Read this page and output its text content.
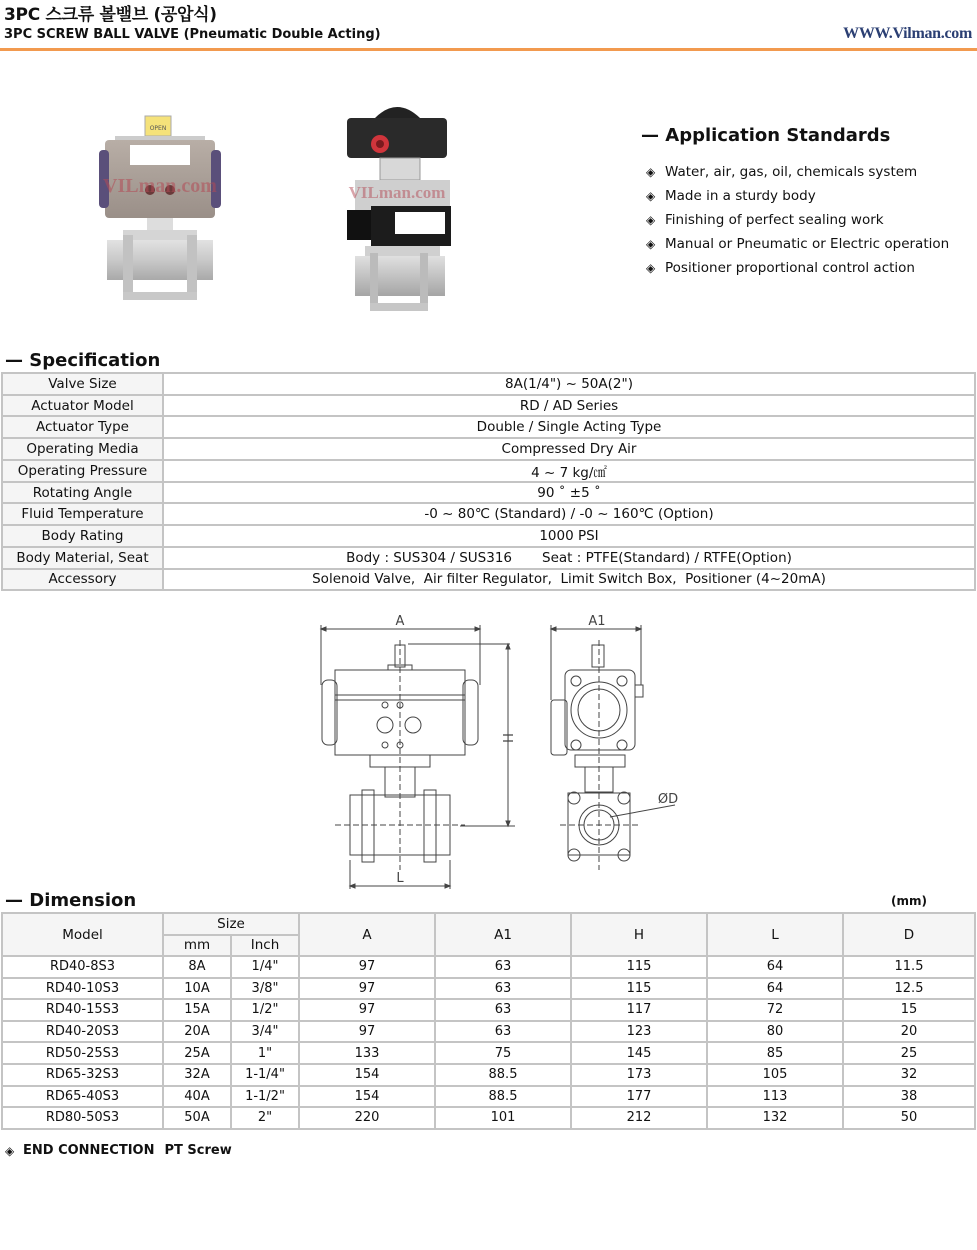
3PC 스크류 볼밸브 (공압식)
3PC SCREW BALL VALVE (Pneumatic Double Acting)	WWW.Vilman.com
OPEN
VILman.com	VILman.com
— Application Standards
◈ Water, air, gas, oil, chemicals system
◈ Made in a sturdy body
◈ Finishing of perfect sealing work
◈ Manual or Pneumatic or Electric operation
◈ Positioner proportional control action
— Specification
Valve Size	8A(1/4") ~ 50A(2")
Actuator Model	RD / AD Series
Actuator Type	Double / Single Acting Type
Operating Media	Compressed Dry Air
Operating Pressure	4 ~ 7 kg/㎠
Rotating Angle	90 ˚ ±5 ˚
Fluid Temperature	-0 ~ 80℃ (Standard) / -0 ~ 160℃ (Option)
Body Rating	1000 PSI
Body Material, Seat	Body : SUS304 / SUS316       Seat : PTFE(Standard) / RTFE(Option)
Accessory	Solenoid Valve,  Air filter Regulator,  Limit Switch Box,  Positioner (4~20mA)
A
H
L
A1
ØD
— Dimension	(mm)
Model	Size		A	A1	H	L	D
	mm	Inch					
RD40-8S3	8A	1/4"	97	63	115	64	11.5
RD40-10S3	10A	3/8"	97	63	115	64	12.5
RD40-15S3	15A	1/2"	97	63	117	72	15
RD40-20S3	20A	3/4"	97	63	123	80	20
RD50-25S3	25A	1"	133	75	145	85	25
RD65-32S3	32A	1-1/4"	154	88.5	173	105	32
RD65-40S3	40A	1-1/2"	154	88.5	177	113	38
RD80-50S3	50A	2"	220	101	212	132	50
◈ END CONNECTION PT Screw
